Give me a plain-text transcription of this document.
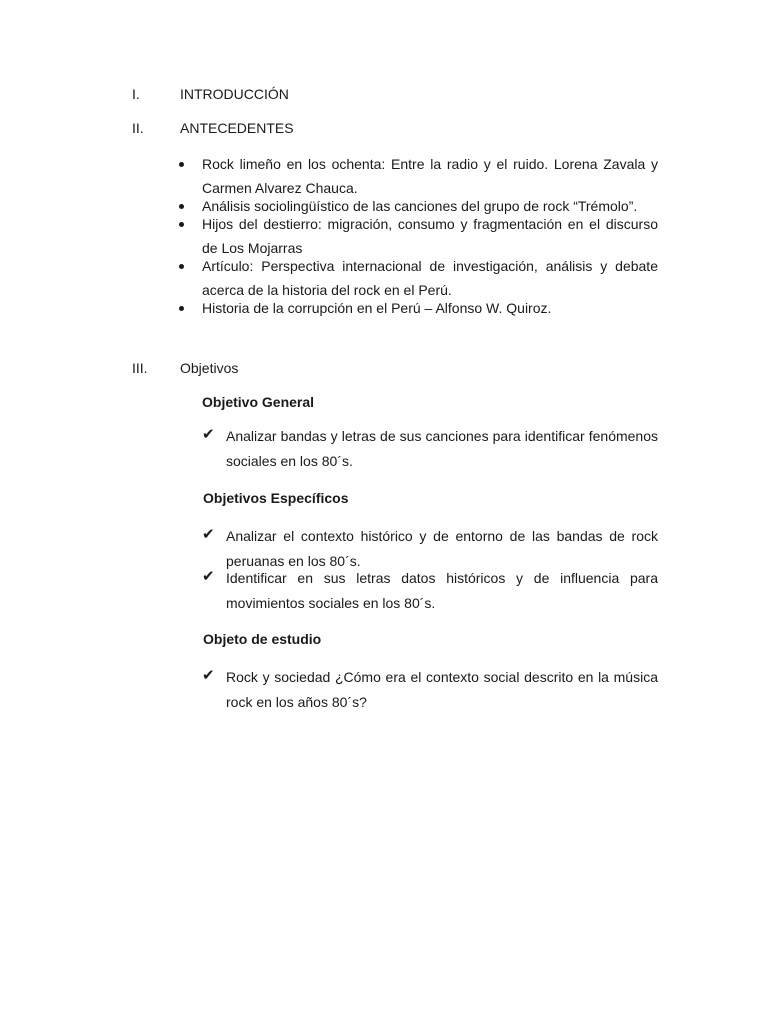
I.	INTRODUCCIÓN
II.	ANTECEDENTES
Rock limeño en los ochenta: Entre la radio y el ruido. Lorena Zavala y Carmen Alvarez Chauca.
Análisis sociolingüístico de las canciones del grupo de rock “Trémolo”.
Hijos del destierro: migración, consumo y fragmentación en el discurso de Los Mojarras
Artículo: Perspectiva internacional de investigación, análisis y debate acerca de la historia del rock en el Perú.
Historia de la corrupción en el Perú – Alfonso W. Quiroz.
III. Objetivos
Objetivo General
✔ Analizar bandas y letras de sus canciones para identificar fenómenos sociales en los 80´s.
Objetivos Específicos
✔ Analizar el contexto histórico y de entorno de las bandas de rock peruanas en los 80´s.
✔ Identificar en sus letras datos históricos y de influencia para movimientos sociales en los 80´s.
Objeto de estudio
✔ Rock y sociedad ¿Cómo era el contexto social descrito en la música rock en los años 80´s?
